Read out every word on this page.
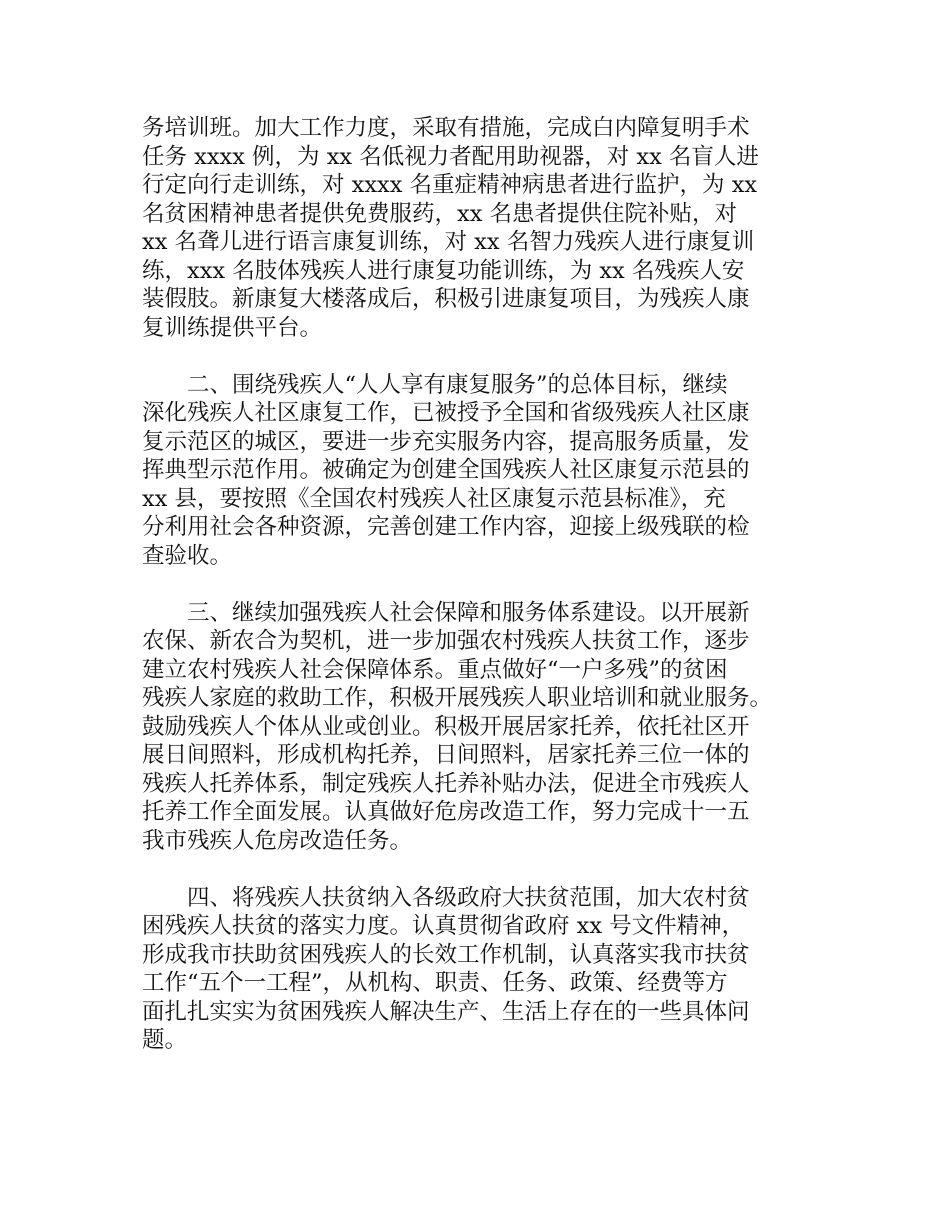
务培训班。加大工作力度，采取有措施，完成白内障复明手术
任务 xxxx 例，为 xx 名低视力者配用助视器，对 xx 名盲人进
行定向行走训练，对 xxxx 名重症精神病患者进行监护，为 xx
名贫困精神患者提供免费服药，xx 名患者提供住院补贴，对
xx 名聋儿进行语言康复训练，对 xx 名智力残疾人进行康复训
练，xxx 名肢体残疾人进行康复功能训练，为 xx 名残疾人安
装假肢。新康复大楼落成后，积极引进康复项目，为残疾人康
复训练提供平台。
　　二、围绕残疾人“人人享有康复服务”的总体目标，继续
深化残疾人社区康复工作，已被授予全国和省级残疾人社区康
复示范区的城区，要进一步充实服务内容，提高服务质量，发
挥典型示范作用。被确定为创建全国残疾人社区康复示范县的
xx 县，要按照《全国农村残疾人社区康复示范县标准》，充
分利用社会各种资源，完善创建工作内容，迎接上级残联的检
查验收。
　　三、继续加强残疾人社会保障和服务体系建设。以开展新
农保、新农合为契机，进一步加强农村残疾人扶贫工作，逐步
建立农村残疾人社会保障体系。重点做好“一户多残”的贫困
残疾人家庭的救助工作，积极开展残疾人职业培训和就业服务。
鼓励残疾人个体从业或创业。积极开展居家托养，依托社区开
展日间照料，形成机构托养，日间照料，居家托养三位一体的
残疾人托养体系，制定残疾人托养补贴办法，促进全市残疾人
托养工作全面发展。认真做好危房改造工作，努力完成十一五
我市残疾人危房改造任务。
　　四、将残疾人扶贫纳入各级政府大扶贫范围，加大农村贫
困残疾人扶贫的落实力度。认真贯彻省政府 xx 号文件精神，
形成我市扶助贫困残疾人的长效工作机制，认真落实我市扶贫
工作“五个一工程”，从机构、职责、任务、政策、经费等方
面扎扎实实为贫困残疾人解决生产、生活上存在的一些具体问
题。
